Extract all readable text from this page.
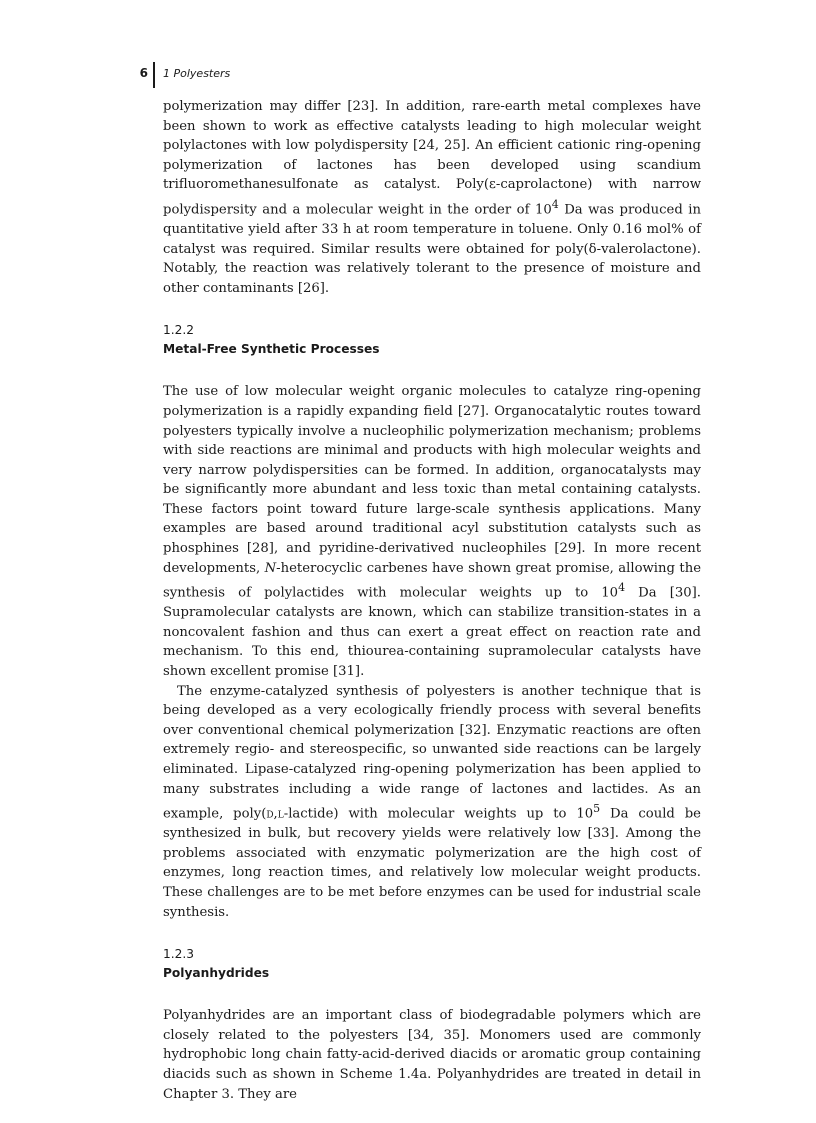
6 1 Polyesters

polymerization may differ [23]. In addition, rare-earth metal complexes have been shown to work as effective catalysts leading to high molecular weight polylactones with low polydispersity [24, 25]. An efficient cationic ring-opening polymerization of lactones has been developed using scandium trifluoromethanesulfonate as catalyst. Poly(ε-caprolactone) with narrow polydispersity and a molecular weight in the order of $10^4$ Da was produced in quantitative yield after 33 h at room temperature in toluene. Only 0.16 mol% of catalyst was required. Similar results were obtained for poly(δ-valerolactone). Notably, the reaction was relatively tolerant to the presence of moisture and other contaminants [26].

1.2.2
Metal-Free Synthetic Processes

The use of low molecular weight organic molecules to catalyze ring-opening polymerization is a rapidly expanding field [27]. Organocatalytic routes toward polyesters typically involve a nucleophilic polymerization mechanism; problems with side reactions are minimal and products with high molecular weights and very narrow polydispersities can be formed. In addition, organocatalysts may be significantly more abundant and less toxic than metal containing catalysts. These factors point toward future large-scale synthesis applications. Many examples are based around traditional acyl substitution catalysts such as phosphines [28], and pyridine-derivatived nucleophiles [29]. In more recent developments, N-heterocyclic carbenes have shown great promise, allowing the synthesis of polylactides with molecular weights up to $10^4$ Da [30]. Supramolecular catalysts are known, which can stabilize transition-states in a noncovalent fashion and thus can exert a great effect on reaction rate and mechanism. To this end, thiourea-containing supramolecular catalysts have shown excellent promise [31].

The enzyme-catalyzed synthesis of polyesters is another technique that is being developed as a very ecologically friendly process with several benefits over conventional chemical polymerization [32]. Enzymatic reactions are often extremely regio- and stereospecific, so unwanted side reactions can be largely eliminated. Lipase-catalyzed ring-opening polymerization has been applied to many substrates including a wide range of lactones and lactides. As an example, poly(d,l-lactide) with molecular weights up to $10^5$ Da could be synthesized in bulk, but recovery yields were relatively low [33]. Among the problems associated with enzymatic polymerization are the high cost of enzymes, long reaction times, and relatively low molecular weight products. These challenges are to be met before enzymes can be used for industrial scale synthesis.

1.2.3
Polyanhydrides

Polyanhydrides are an important class of biodegradable polymers which are closely related to the polyesters [34, 35]. Monomers used are commonly hydrophobic long chain fatty-acid-derived diacids or aromatic group containing diacids such as shown in Scheme 1.4a. Polyanhydrides are treated in detail in Chapter 3. They are
